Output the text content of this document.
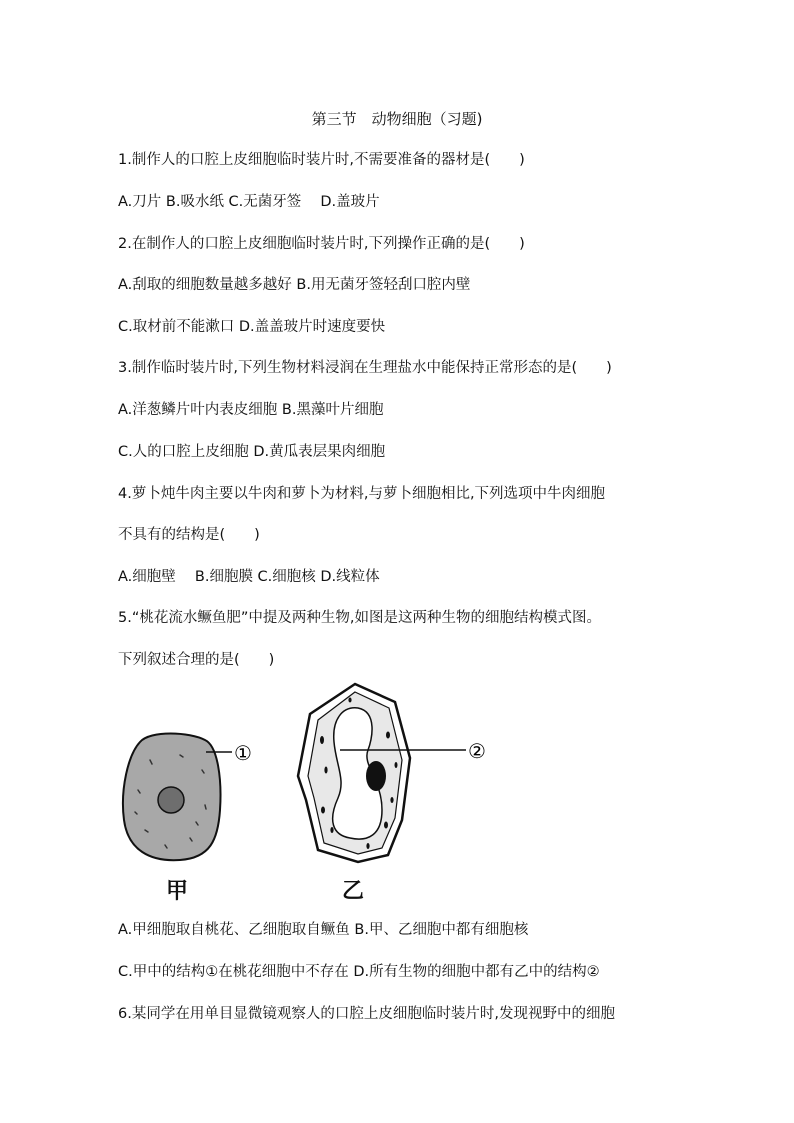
第三节　动物细胞（习题)
1.制作人的口腔上皮细胞临时装片时,不需要准备的器材是(　　)
A.刀片 B.吸水纸 C.无菌牙签　 D.盖玻片
2.在制作人的口腔上皮细胞临时装片时,下列操作正确的是(　　)
A.刮取的细胞数量越多越好 B.用无菌牙签轻刮口腔内壁
C.取材前不能漱口 D.盖盖玻片时速度要快
3.制作临时装片时,下列生物材料浸润在生理盐水中能保持正常形态的是(　　)
A.洋葱鳞片叶内表皮细胞 B.黑藻叶片细胞
C.人的口腔上皮细胞 D.黄瓜表层果肉细胞
4.萝卜炖牛肉主要以牛肉和萝卜为材料,与萝卜细胞相比,下列选项中牛肉细胞
不具有的结构是(　　)
A.细胞壁　 B.细胞膜 C.细胞核 D.线粒体
5.“桃花流水鳜鱼肥”中提及两种生物,如图是这两种生物的细胞结构模式图。
下列叙述合理的是(　　)
①	②
甲	乙
A.甲细胞取自桃花、乙细胞取自鳜鱼 B.甲、乙细胞中都有细胞核
C.甲中的结构①在桃花细胞中不存在 D.所有生物的细胞中都有乙中的结构②
6.某同学在用单目显微镜观察人的口腔上皮细胞临时装片时,发现视野中的细胞
